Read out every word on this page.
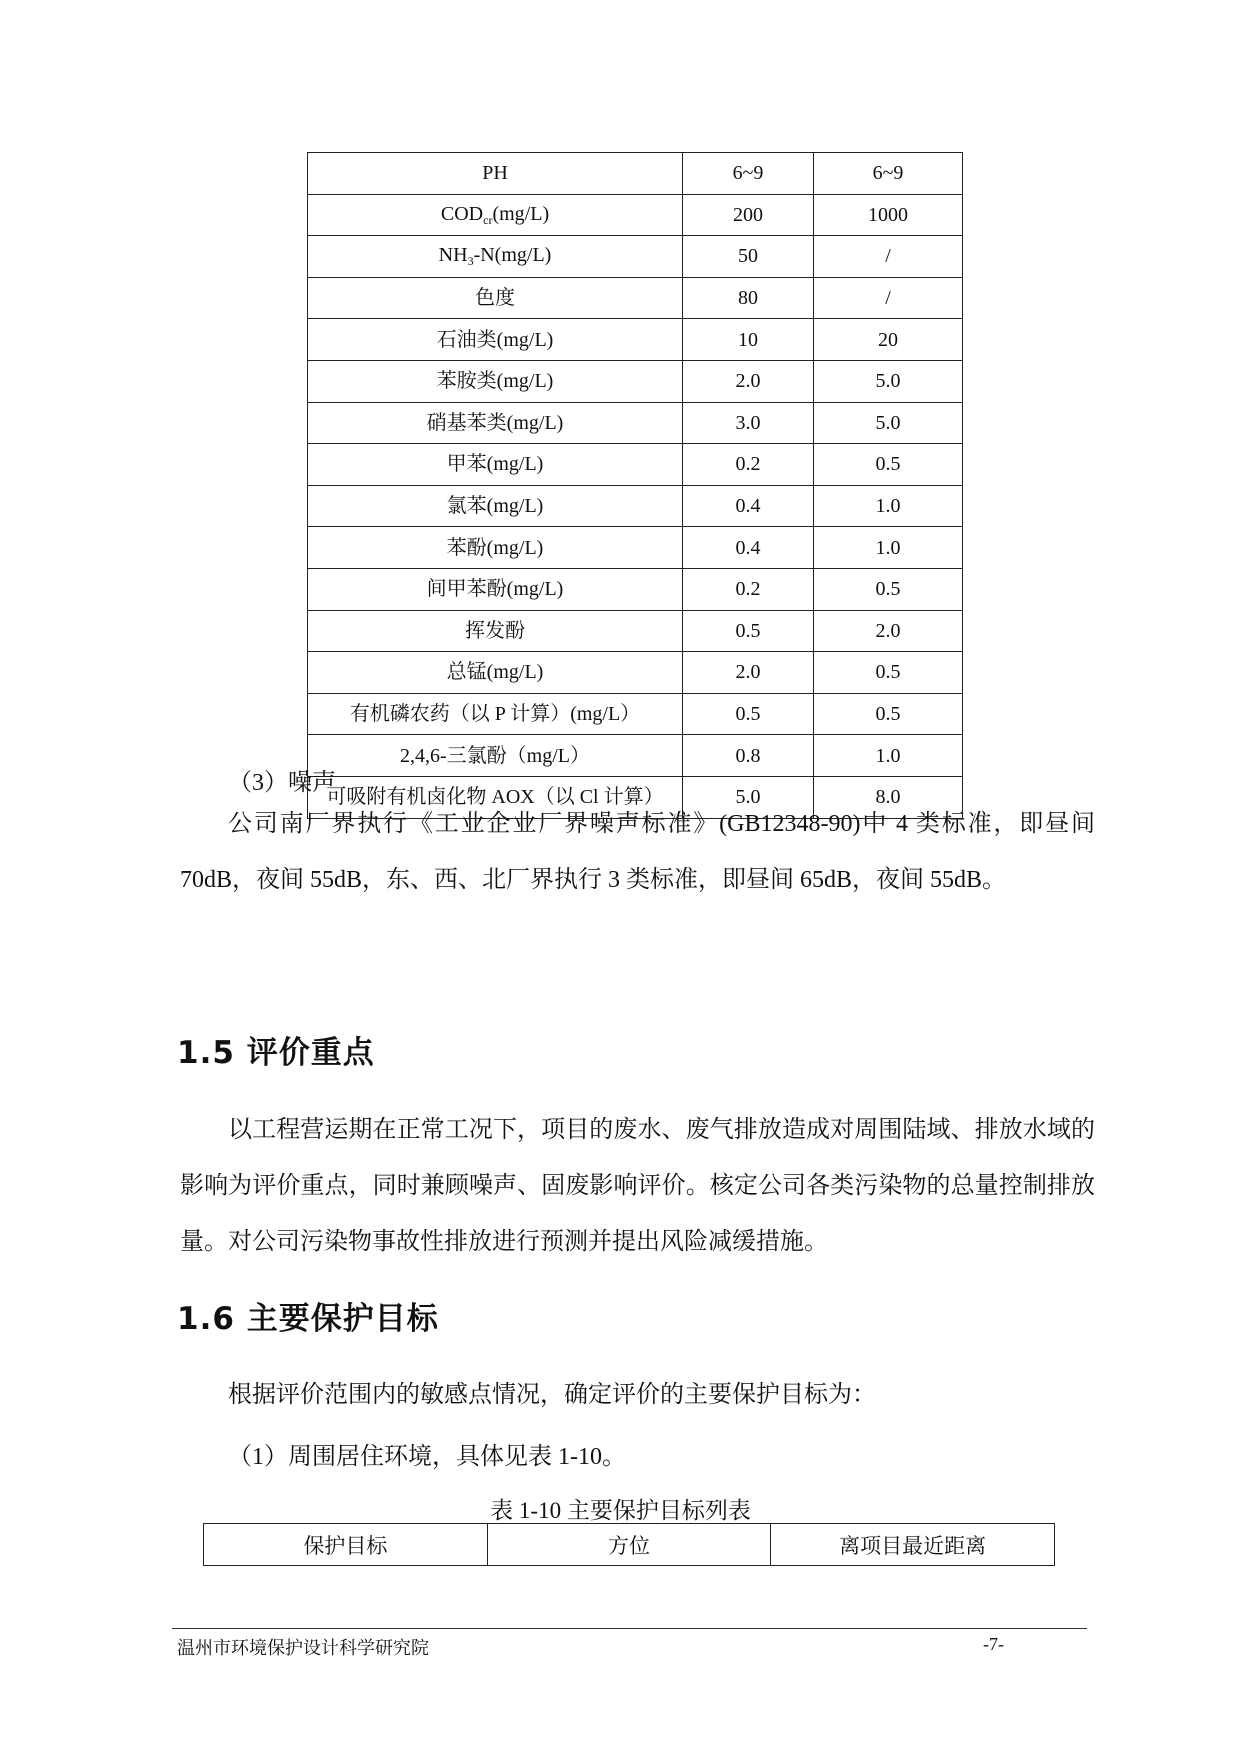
PH	6~9	6~9
$COD_{cr}(mg/L)$	200	1000
$NH_3-N(mg/L)$	50	/
色度	80	/
石油类(mg/L)	10	20
苯胺类(mg/L)	2.0	5.0
硝基苯类(mg/L)	3.0	5.0
甲苯(mg/L)	0.2	0.5
氯苯(mg/L)	0.4	1.0
苯酚(mg/L)	0.4	1.0
间甲苯酚(mg/L)	0.2	0.5
挥发酚	0.5	2.0
总锰(mg/L)	2.0	0.5
有机磷农药（以 P 计算）(mg/L）	0.5	0.5
2,4,6-三氯酚（mg/L）	0.8	1.0
可吸附有机卤化物 AOX（以 Cl 计算）	5.0	8.0

（3）噪声

公司南厂界执行《工业企业厂界噪声标准》(GB12348-90)中 4 类标准，即昼间 70dB，夜间 55dB，东、西、北厂界执行 3 类标准，即昼间 65dB，夜间 55dB。

1.5 评价重点

以工程营运期在正常工况下，项目的废水、废气排放造成对周围陆域、排放水域的影响为评价重点，同时兼顾噪声、固废影响评价。核定公司各类污染物的总量控制排放量。对公司污染物事故性排放进行预测并提出风险减缓措施。

1.6 主要保护目标

根据评价范围内的敏感点情况，确定评价的主要保护目标为：

（1）周围居住环境，具体见表 1-10。

表 1-10 主要保护目标列表

保护目标	方位	离项目最近距离

温州市环境保护设计科学研究院	-7-
